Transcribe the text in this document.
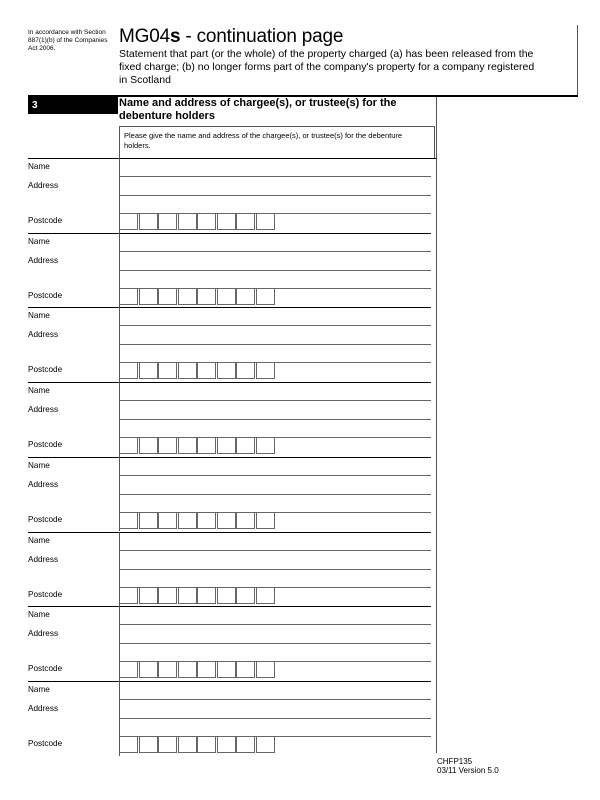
In accordance with Section 887(1)(b) of the Companies Act 2006.
MG04s - continuation page
Statement that part (or the whole) of the property charged (a) has been released from the fixed charge; (b) no longer forms part of the company's property for a company registered in Scotland
3	Name and address of chargee(s), or trustee(s) for the debenture holders
Please give the name and address of the chargee(s), or trustee(s) for the debenture holders.
Name
Address
Postcode
Name
Address
Postcode
Name
Address
Postcode
Name
Address
Postcode
Name
Address
Postcode
Name
Address
Postcode
Name
Address
Postcode
Name
Address
Postcode
CHFP135
03/11 Version 5.0
